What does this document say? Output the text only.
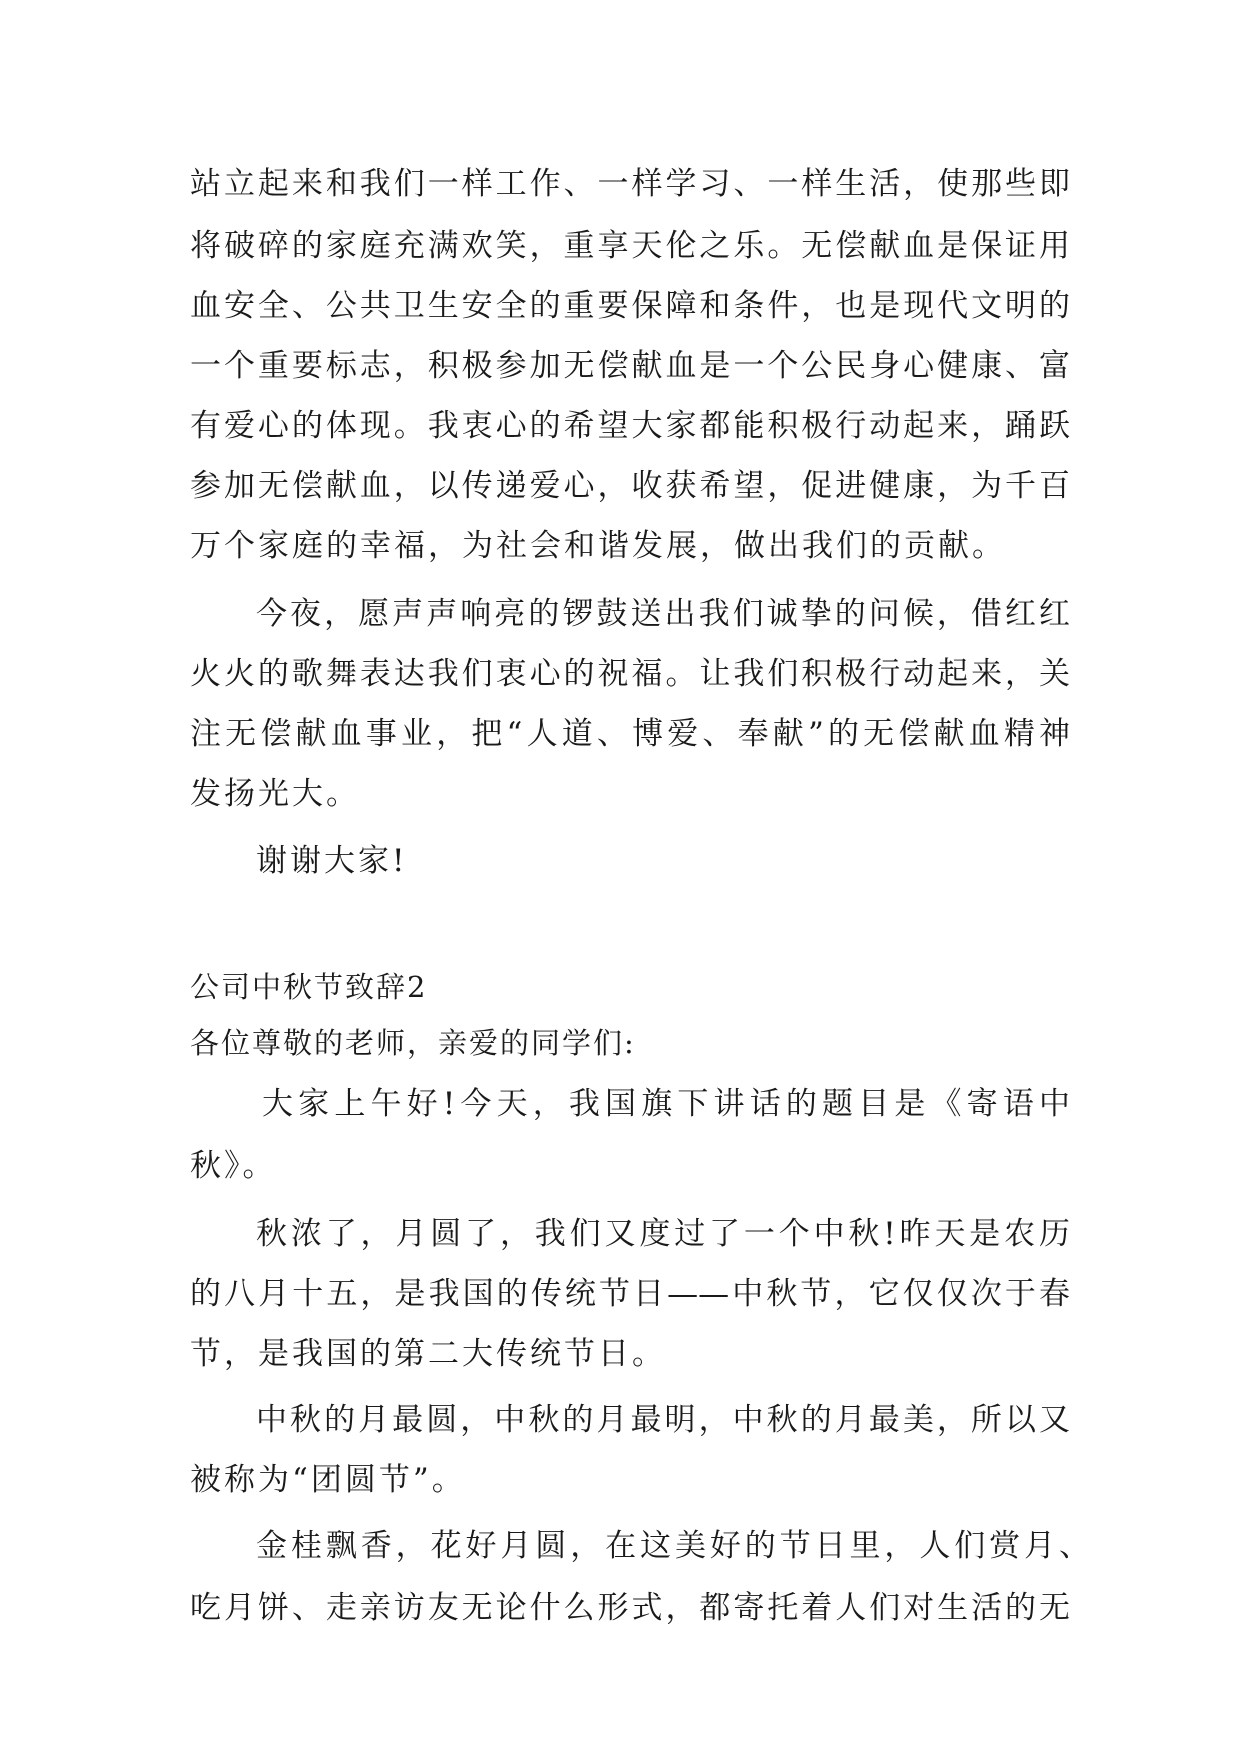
站立起来和我们一样工作、一样学习、一样生活，使那些即
将破碎的家庭充满欢笑，重享天伦之乐。无偿献血是保证用
血安全、公共卫生安全的重要保障和条件，也是现代文明的
一个重要标志，积极参加无偿献血是一个公民身心健康、富
有爱心的体现。我衷心的希望大家都能积极行动起来，踊跃
参加无偿献血，以传递爱心，收获希望，促进健康，为千百
万个家庭的幸福，为社会和谐发展，做出我们的贡献。
今夜，愿声声响亮的锣鼓送出我们诚挚的问候，借红红
火火的歌舞表达我们衷心的祝福。让我们积极行动起来，关
注无偿献血事业，把“人道、博爱、奉献”的无偿献血精神
发扬光大。
谢谢大家!
公司中秋节致辞2
各位尊敬的老师，亲爱的同学们:
大家上午好!今天，我国旗下讲话的题目是《寄语中
秋》。
秋浓了，月圆了，我们又度过了一个中秋!昨天是农历
的八月十五，是我国的传统节日——中秋节，它仅仅次于春
节，是我国的第二大传统节日。
中秋的月最圆，中秋的月最明，中秋的月最美，所以又
被称为“团圆节”。
金桂飘香，花好月圆，在这美好的节日里，人们赏月、
吃月饼、走亲访友无论什么形式，都寄托着人们对生活的无
